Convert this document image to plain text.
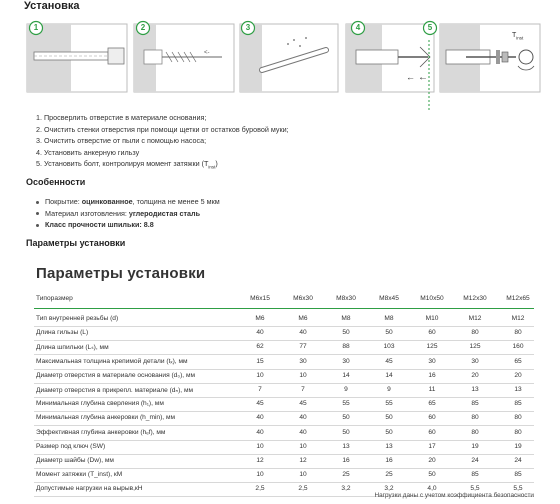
Установка
<-
←
1	2	3	4	5
$T_{inst}$
←
1. Просверлить отверстие в материале основания;
2. Очистить стенки отверстия при помощи щетки от остатков буровой муки;
3. Очистить отверстие от пыли с помощью насоса;
4. Установить анкерную гильзу
5. Установить болт, контролируя момент затяжки $(T_{inst})$
Особенности
Покрытие: оцинкованное, толщина не менее 5 мкм
Материал изготовления: углеродистая сталь
Класс прочности шпильки: 8.8
Параметры установки
Параметры установки
Типоразмер	M6x15	M6x30	M8x30	M8x45	M10x50	M12x30	M12x65
Тип внутренней резьбы (d)	M6	M6	M8	M8	M10	M12	M12
Длина гильзы (L)	40	40	50	50	60	80	80
Длина шпильки (Lₛ), мм	62	77	88	103	125	125	160
Максимальная толщина крепимой детали (tₓ), мм	15	30	30	45	30	30	65
Диаметр отверстия в материале основания (d₀), мм	10	10	14	14	16	20	20
Диаметр отверстия в прикрепл. материале (dₙ), мм	7	7	9	9	11	13	13
Минимальная глубина сверления (h₁), мм	45	45	55	55	65	85	85
Минимальная глубина анкеровки (h_min), мм	40	40	50	50	60	80	80
Эффективная глубина анкеровки (hₑf), мм	40	40	50	50	60	80	80
Размер под ключ (SW)	10	10	13	13	17	19	19
Диаметр шайбы (Dw), мм	12	12	16	16	20	24	24
Момент затяжки (T_inst), кМ	10	10	25	25	50	85	85
Допустимые нагрузки на вырыв,кН	2,5	2,5	3,2	3,2	4,0	5,5	5,5
Нагрузки даны с учетом коэффициента безопасности
